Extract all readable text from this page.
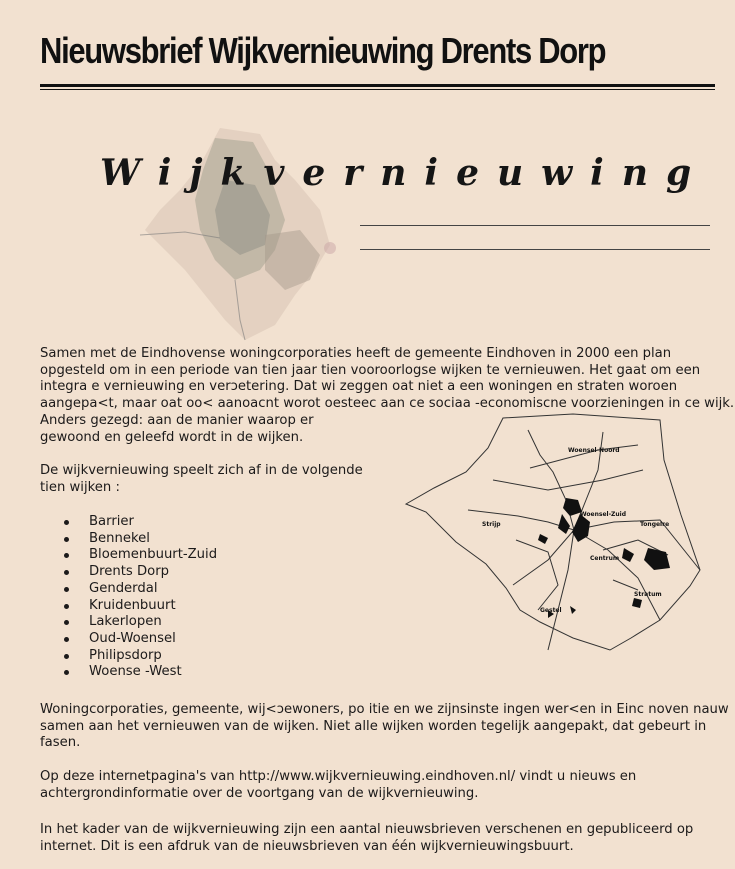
Nieuwsbrief Wijkvernieuwing Drents Dorp
Wijkvernieuwing
Samen met de Eindhovense woningcorporaties heeft de gemeente Eindhoven in 2000 een plan opgesteld om in een periode van tien jaar tien vooroorlogse wijken te vernieuwen. Het gaat om een integra e vernieuwing en verɔetering. Dat wi zeggen oat niet a een woningen en straten woroen aangepa<t, maar oat oo< aanoacnt worot oesteec aan ce sociaa -economiscne voorzieningen in ce wijk.
Anders gezegd: aan de manier waarop er gewoond en geleefd wordt in de wijken.
De wijkvernieuwing speelt zich af in de volgende tien wijken :
Barrier
Bennekel
Bloemenbuurt-Zuid
Drents Dorp
Genderdal
Kruidenbuurt
Lakerlopen
Oud-Woensel
Philipsdorp
Woense -West
Woensel-Noord
Woensel-Zuid
Strijp	Tongelre
Centrum
Stratum
Gestel
Woningcorporaties, gemeente, wij<ɔewoners, po itie en we zijnsinste ingen wer<en in Einc noven nauw samen aan het vernieuwen van de wijken. Niet alle wijken worden tegelijk aangepakt, dat gebeurt in fasen.
Op deze internetpagina's van http://www.wijkvernieuwing.eindhoven.nl/ vindt u nieuws en achtergrondinformatie over de voortgang van de wijkvernieuwing.
In het kader van de wijkvernieuwing zijn een aantal nieuwsbrieven verschenen en gepubliceerd op internet. Dit is een afdruk van de nieuwsbrieven van één wijkvernieuwingsbuurt.
